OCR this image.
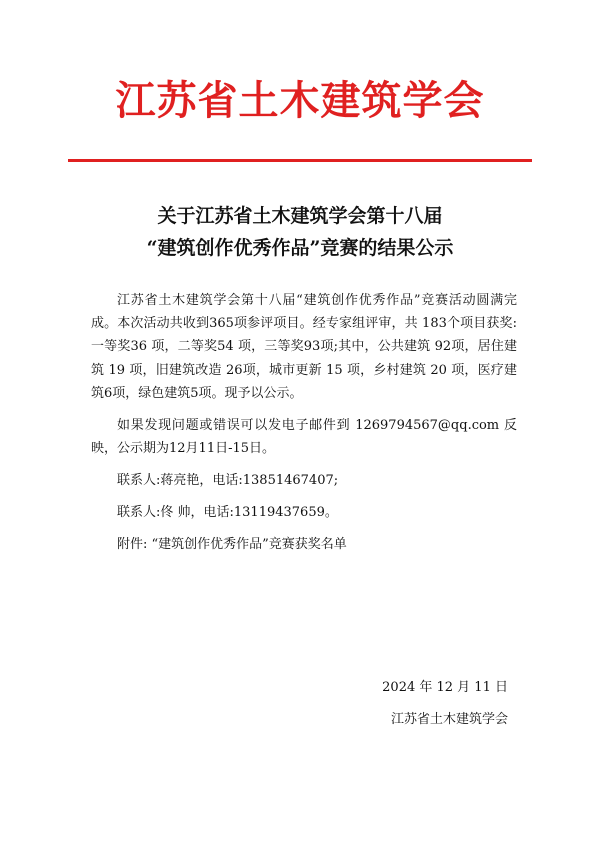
江苏省土木建筑学会
关于江苏省土木建筑学会第十八届
“建筑创作优秀作品”竞赛的结果公示

江苏省土木建筑学会第十八届“建筑创作优秀作品”竞赛活动圆满完成。本次活动共收到365项参评项目。经专家组评审，共 183个项目获奖:一等奖36 项，二等奖54 项，三等奖93项;其中，公共建筑 92项，居住建筑 19 项，旧建筑改造 26项，城市更新 15 项，乡村建筑 20 项，医疗建筑6项，绿色建筑5项。现予以公示。

如果发现问题或错误可以发电子邮件到 1269794567@qq.com 反映，公示期为12月11日-15日。

联系人:蒋亮艳，电话:13851467407;

联系人:佟 帅，电话:13119437659。

附件: “建筑创作优秀作品”竞赛获奖名单

2024 年 12 月 11 日
江苏省土木建筑学会
